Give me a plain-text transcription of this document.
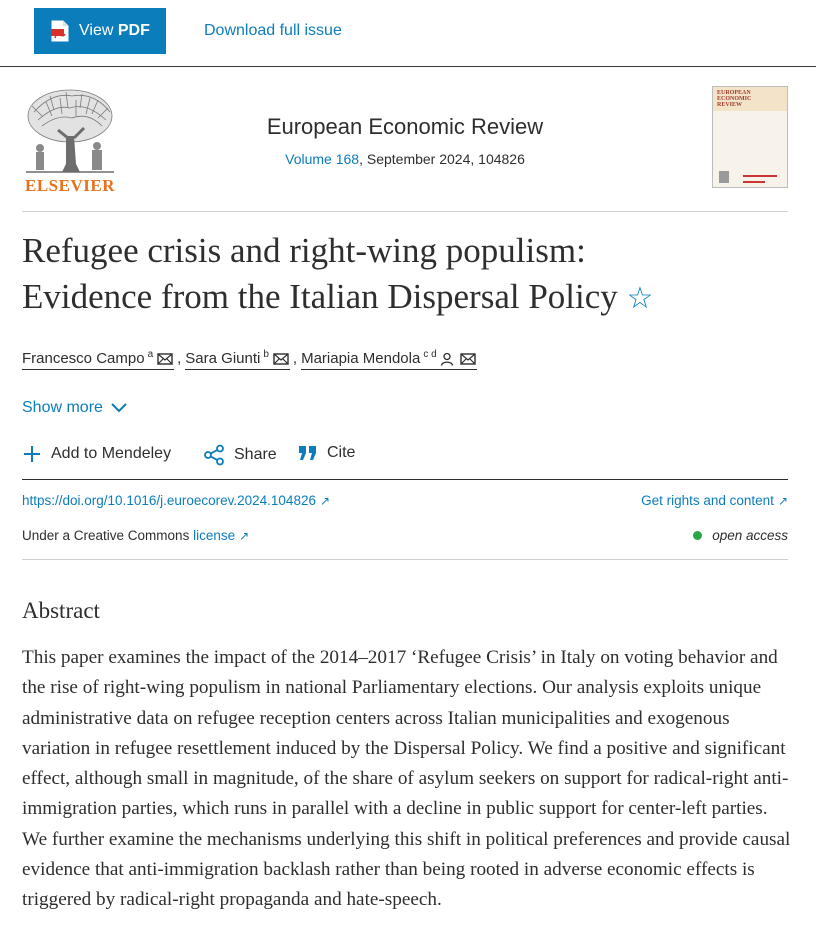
View PDF	Download full issue
ELSEVIER
European Economic Review
Volume 168, September 2024, 104826
EUROPEAN ECONOMIC REVIEW
Refugee crisis and right-wing populism:
Evidence from the Italian Dispersal Policy ☆
Francesco Campo $^a$ , Sara Giunti $^b$ , Mariapia Mendola $^{c d}$
Show more
Add to Mendeley	Share	Cite
https://doi.org/10.1016/j.euroecorev.2024.104826 ↗	Get rights and content ↗
Under a Creative Commons license ↗	open access
Abstract

This paper examines the impact of the 2014–2017 ‘Refugee Crisis’ in Italy on voting behavior and the rise of right-wing populism in national Parliamentary elections. Our analysis exploits unique administrative data on refugee reception centers across Italian municipalities and exogenous variation in refugee resettlement induced by the Dispersal Policy. We find a positive and significant effect, although small in magnitude, of the share of asylum seekers on support for radical-right anti-immigration parties, which runs in parallel with a decline in public support for center-left parties. We further examine the mechanisms underlying this shift in political preferences and provide causal evidence that anti-immigration backlash rather than being rooted in adverse economic effects is triggered by radical-right propaganda and hate-speech.
